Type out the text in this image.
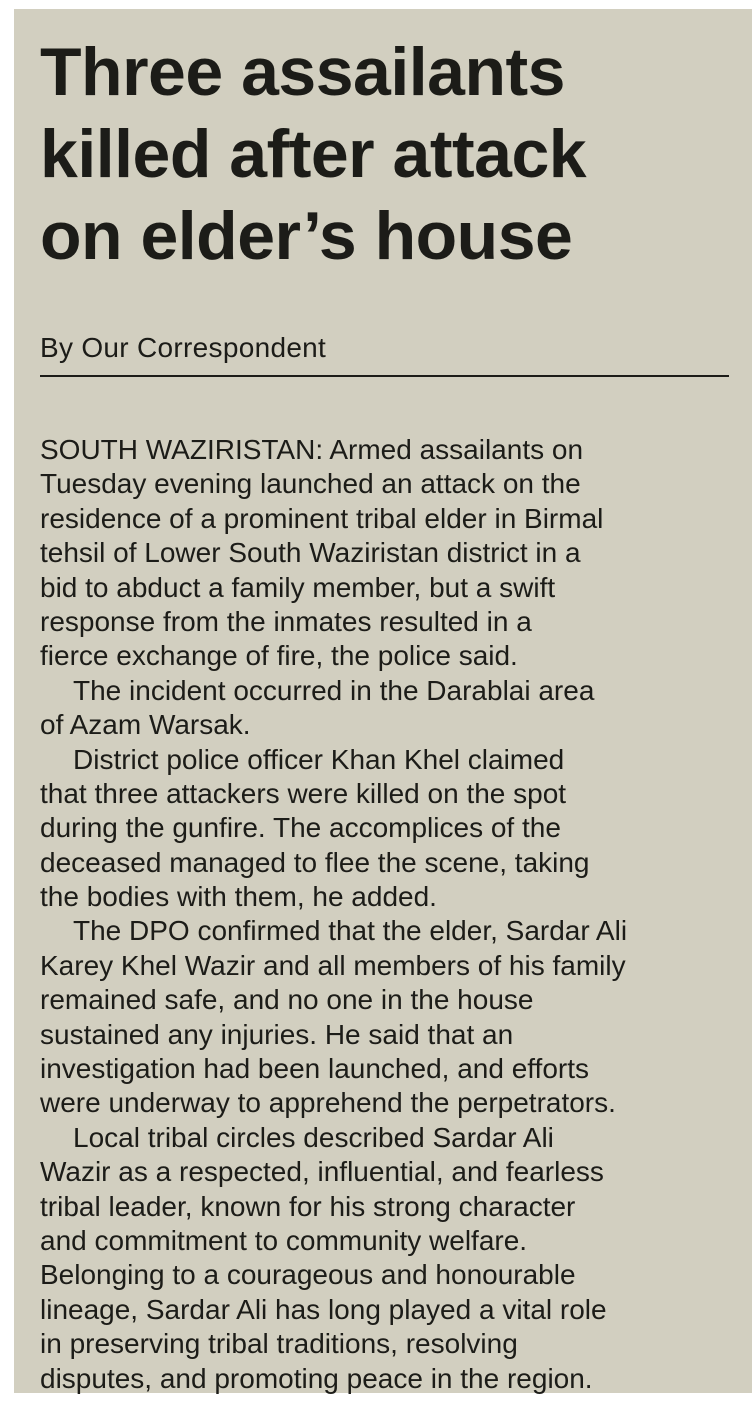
Three assailants
killed after attack
on elder’s house
By Our Correspondent
SOUTH WAZIRISTAN: Armed assailants on
Tuesday evening launched an attack on the
residence of a prominent tribal elder in Birmal
tehsil of Lower South Waziristan district in a
bid to abduct a family member, but a swift
response from the inmates resulted in a
fierce exchange of fire, the police said.
The incident occurred in the Darablai area
of Azam Warsak.
District police officer Khan Khel claimed
that three attackers were killed on the spot
during the gunfire. The accomplices of the
deceased managed to flee the scene, taking
the bodies with them, he added.
The DPO confirmed that the elder, Sardar Ali
Karey Khel Wazir and all members of his family
remained safe, and no one in the house
sustained any injuries. He said that an
investigation had been launched, and efforts
were underway to apprehend the perpetrators.
Local tribal circles described Sardar Ali
Wazir as a respected, influential, and fearless
tribal leader, known for his strong character
and commitment to community welfare.
Belonging to a courageous and honourable
lineage, Sardar Ali has long played a vital role
in preserving tribal traditions, resolving
disputes, and promoting peace in the region.
